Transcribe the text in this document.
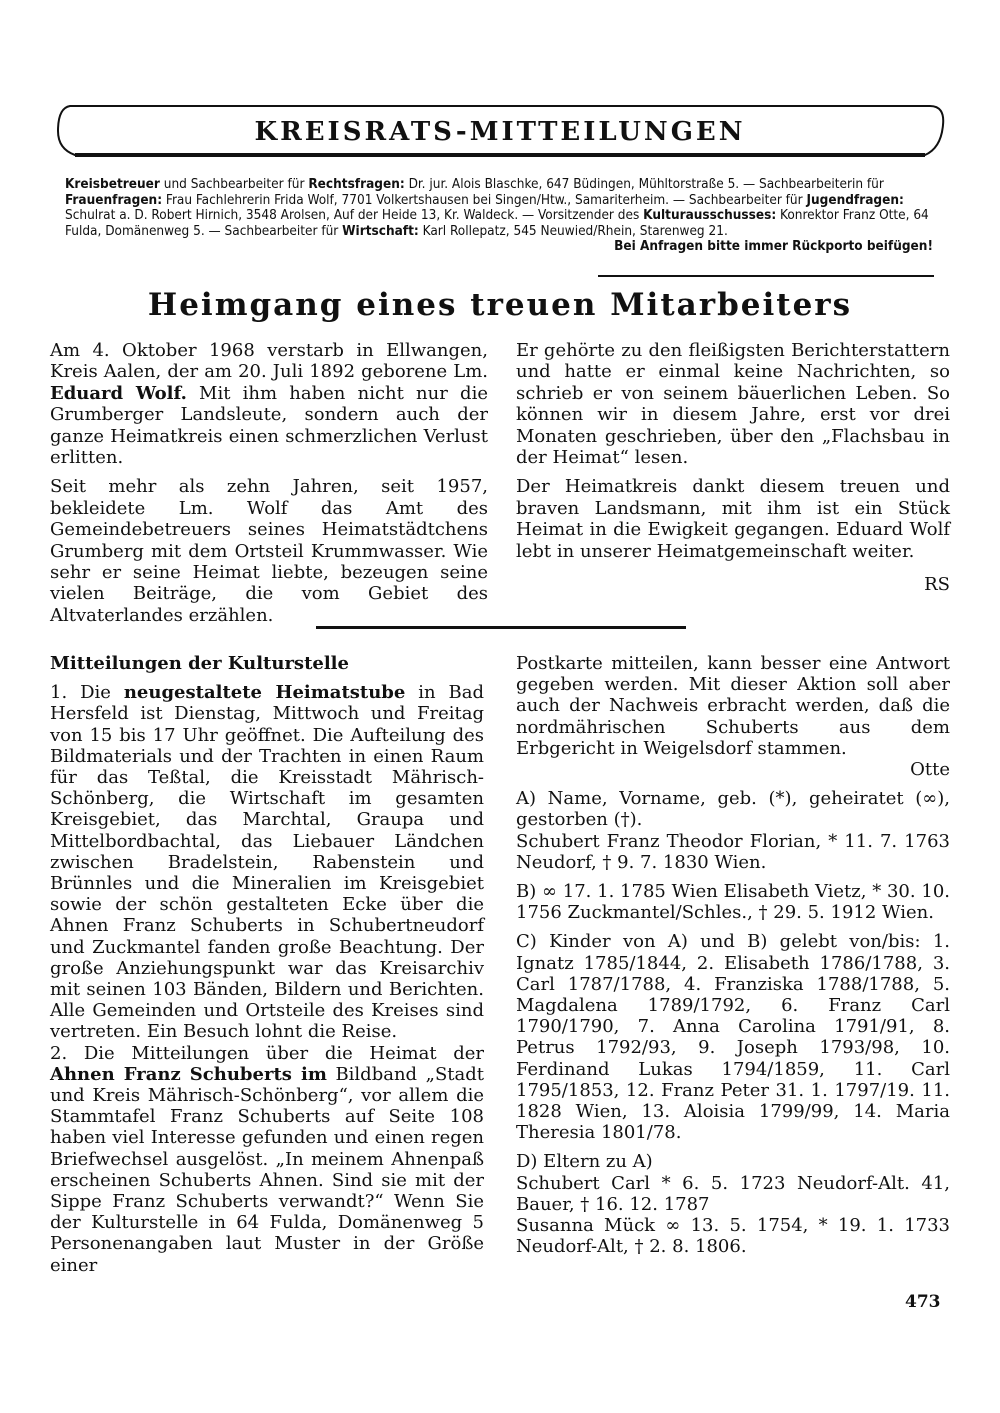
KREISRATS-MITTEILUNGEN

Kreisbetreuer und Sachbearbeiter für Rechtsfragen: Dr. jur. Alois Blaschke, 647 Büdingen, Mühltorstraße 5. — Sachbearbeiterin für Frauenfragen: Frau Fachlehrerin Frida Wolf, 7701 Volkertshausen bei Singen/Htw., Samariterheim. — Sachbearbeiter für Jugendfragen: Schulrat a. D. Robert Hirnich, 3548 Arolsen, Auf der Heide 13, Kr. Waldeck. — Vorsitzender des Kulturausschusses: Konrektor Franz Otte, 64 Fulda, Domänenweg 5. — Sachbearbeiter für Wirtschaft: Karl Rollepatz, 545 Neuwied/Rhein, Starenweg 21.

Bei Anfragen bitte immer Rückporto beifügen!

Heimgang eines treuen Mitarbeiters

Am 4. Oktober 1968 verstarb in Ellwangen, Kreis Aalen, der am 20. Juli 1892 geborene Lm. Eduard Wolf. Mit ihm haben nicht nur die Grumberger Landsleute, sondern auch der ganze Heimatkreis einen schmerzlichen Verlust erlitten.

Seit mehr als zehn Jahren, seit 1957, bekleidete Lm. Wolf das Amt des Gemeindebetreuers seines Heimatstädtchens Grumberg mit dem Ortsteil Krummwasser. Wie sehr er seine Heimat liebte, bezeugen seine vielen Beiträge, die vom Gebiet des Altvaterlandes erzählen.

Er gehörte zu den fleißigsten Berichterstattern und hatte er einmal keine Nachrichten, so schrieb er von seinem bäuerlichen Leben. So können wir in diesem Jahre, erst vor drei Monaten geschrieben, über den „Flachsbau in der Heimat“ lesen.

Der Heimatkreis dankt diesem treuen und braven Landsmann, mit ihm ist ein Stück Heimat in die Ewigkeit gegangen. Eduard Wolf lebt in unserer Heimatgemeinschaft weiter.

RS

Mitteilungen der Kulturstelle

1. Die neugestaltete Heimatstube in Bad Hersfeld ist Dienstag, Mittwoch und Freitag von 15 bis 17 Uhr geöffnet. Die Aufteilung des Bildmaterials und der Trachten in einen Raum für das Teßtal, die Kreisstadt Mährisch-Schönberg, die Wirtschaft im gesamten Kreisgebiet, das Marchtal, Graupa und Mittelbordbachtal, das Liebauer Ländchen zwischen Bradelstein, Rabenstein und Brünnles und die Mineralien im Kreisgebiet sowie der schön gestalteten Ecke über die Ahnen Franz Schuberts in Schubertneudorf und Zuckmantel fanden große Beachtung. Der große Anziehungspunkt war das Kreisarchiv mit seinen 103 Bänden, Bildern und Berichten. Alle Gemeinden und Ortsteile des Kreises sind vertreten. Ein Besuch lohnt die Reise.

2. Die Mitteilungen über die Heimat der Ahnen Franz Schuberts im Bildband „Stadt und Kreis Mährisch-Schönberg“, vor allem die Stammtafel Franz Schuberts auf Seite 108 haben viel Interesse gefunden und einen regen Briefwechsel ausgelöst. „In meinem Ahnenpaß erscheinen Schuberts Ahnen. Sind sie mit der Sippe Franz Schuberts verwandt?“ Wenn Sie der Kulturstelle in 64 Fulda, Domänenweg 5 Personenangaben laut Muster in der Größe einer

Postkarte mitteilen, kann besser eine Antwort gegeben werden. Mit dieser Aktion soll aber auch der Nachweis erbracht werden, daß die nordmährischen Schuberts aus dem Erbgericht in Weigelsdorf stammen.

Otte

A) Name, Vorname, geb. (*), geheiratet (∞), gestorben (†).

Schubert Franz Theodor Florian, * 11. 7. 1763 Neudorf, † 9. 7. 1830 Wien.

B) ∞ 17. 1. 1785 Wien Elisabeth Vietz, * 30. 10. 1756 Zuckmantel/Schles., † 29. 5. 1912 Wien.

C) Kinder von A) und B) gelebt von/bis: 1. Ignatz 1785/1844, 2. Elisabeth 1786/1788, 3. Carl 1787/1788, 4. Franziska 1788/1788, 5. Magdalena 1789/1792, 6. Franz Carl 1790/1790, 7. Anna Carolina 1791/91, 8. Petrus 1792/93, 9. Joseph 1793/98, 10. Ferdinand Lukas 1794/1859, 11. Carl 1795/1853, 12. Franz Peter 31. 1. 1797/19. 11. 1828 Wien, 13. Aloisia 1799/99, 14. Maria Theresia 1801/78.

D) Eltern zu A)

Schubert Carl * 6. 5. 1723 Neudorf-Alt. 41, Bauer, † 16. 12. 1787

Susanna Mück ∞ 13. 5. 1754, * 19. 1. 1733 Neudorf-Alt, † 2. 8. 1806.

473
